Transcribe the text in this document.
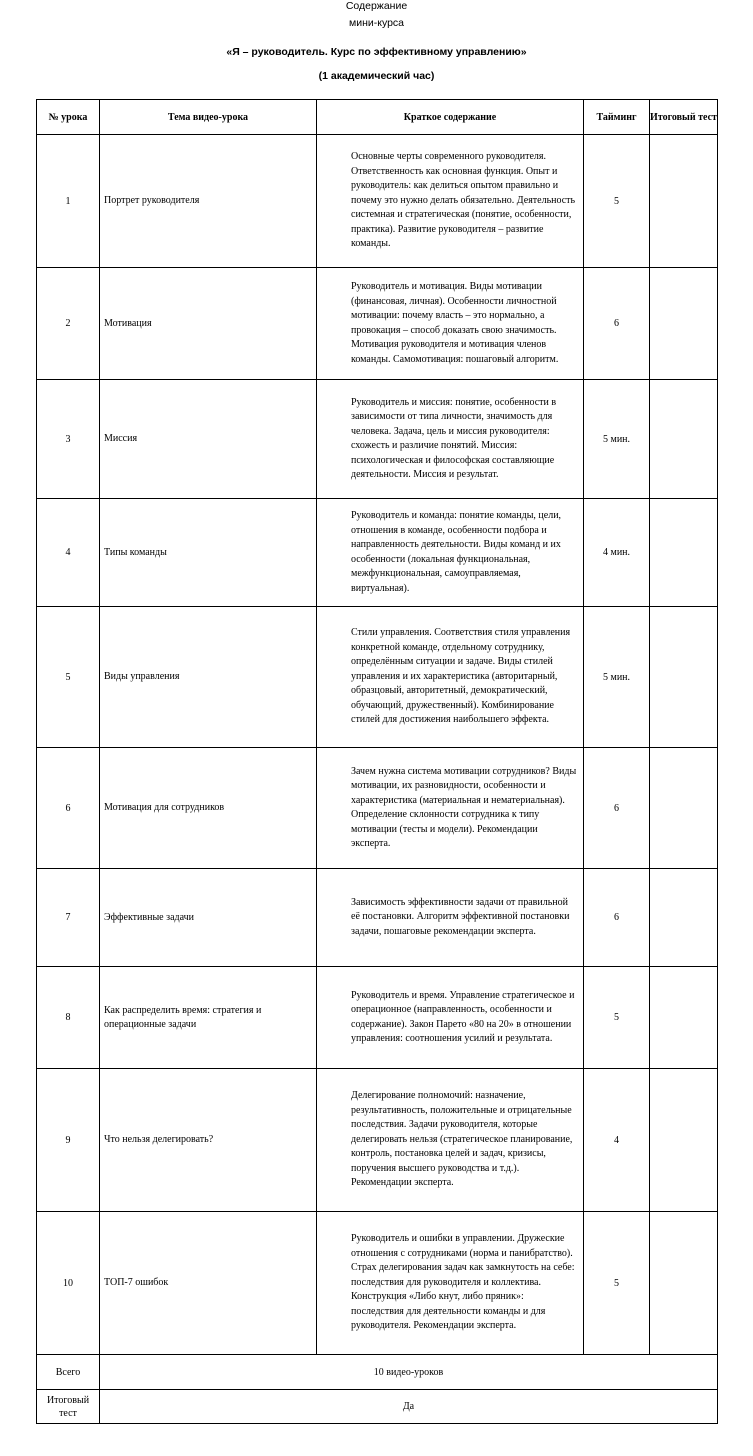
Содержание
мини-курса
«Я – руководитель. Курс по эффективному управлению»
(1 академический час)
№ урока	Тема видео-урока	Краткое содержание	Тайминг	Итоговый тест
1	Портрет руководителя	Основные черты современного руководителя. Ответственность как основная функция. Опыт и руководитель: как делиться опытом правильно и почему это нужно делать обязательно. Деятельность системная и стратегическая (понятие, особенности, практика). Развитие руководителя – развитие команды.	5	
2	Мотивация	Руководитель и мотивация. Виды мотивации (финансовая, личная). Особенности личностной мотивации: почему власть – это нормально, а провокация – способ доказать свою значимость. Мотивация руководителя и мотивация членов команды. Самомотивация: пошаговый алгоритм.	6	
3	Миссия	Руководитель и миссия: понятие, особенности в зависимости от типа личности, значимость для человека. Задача, цель и миссия руководителя: схожесть и различие понятий. Миссия: психологическая и философская составляющие деятельности. Миссия и результат.	5 мин.	
4	Типы команды	Руководитель и команда: понятие команды, цели, отношения в команде, особенности подбора и направленность деятельности. Виды команд и их особенности (локальная функциональная, межфункциональная, самоуправляемая, виртуальная).	4 мин.	
5	Виды управления	Стили управления. Соответствия стиля управления конкретной команде, отдельному сотруднику, определённым ситуации и задаче. Виды стилей управления и их характеристика (авторитарный, образцовый, авторитетный, демократический, обучающий, дружественный). Комбинирование стилей для достижения наибольшего эффекта.	5 мин.	
6	Мотивация для сотрудников	Зачем нужна система мотивации сотрудников? Виды мотивации, их разновидности, особенности и характеристика (материальная и нематериальная). Определение склонности сотрудника к типу мотивации (тесты и модели). Рекомендации эксперта.	6	
7	Эффективные задачи	Зависимость эффективности задачи от правильной её постановки. Алгоритм эффективной постановки задачи, пошаговые рекомендации эксперта.	6	
8	Как распределить время: стратегия и операционные задачи	Руководитель и время. Управление стратегическое и операционное (направленность, особенности и содержание). Закон Парето «80 на 20» в отношении управления: соотношения усилий и результата.	5	
9	Что нельзя делегировать?	Делегирование полномочий: назначение, результативность, положительные и отрицательные последствия. Задачи руководителя, которые делегировать нельзя (стратегическое планирование, контроль, постановка целей и задач, кризисы, поручения высшего руководства и т.д.). Рекомендации эксперта.	4	
10	ТОП-7 ошибок	Руководитель и ошибки в управлении. Дружеские отношения с сотрудниками (норма и панибратство). Страх делегирования задач как замкнутость на себе: последствия для руководителя и коллектива. Конструкция «Либо кнут, либо пряник»: последствия для деятельности команды и для руководителя. Рекомендации эксперта.	5	
Всего	10 видео-уроков			
Итоговый тест	Да			
